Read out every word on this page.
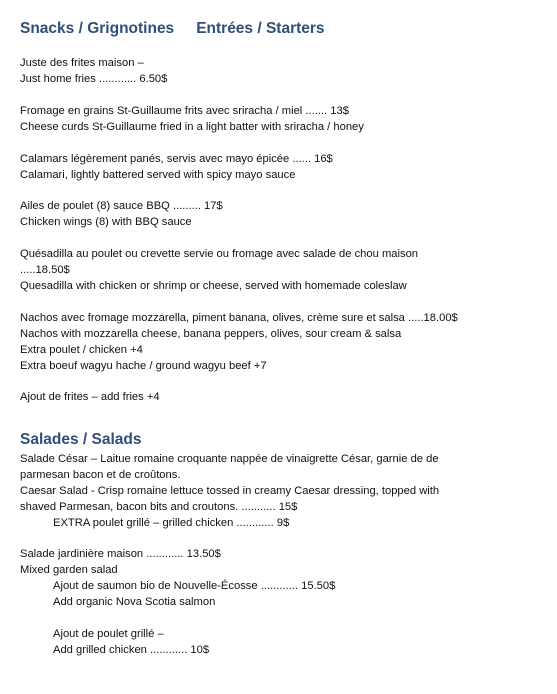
Snacks / Grignotines Entrées / Starters
Juste des frites maison –
Just home fries ............ 6.50$
Fromage en grains St-Guillaume frits avec sriracha / miel ....... 13$
Cheese curds St-Guillaume fried in a light batter with sriracha / honey
Calamars légèrement panés, servis avec mayo épicée ...... 16$
Calamari, lightly battered served with spicy mayo sauce
Ailes de poulet (8) sauce BBQ ......... 17$
Chicken wings (8) with BBQ sauce
Quésadilla au poulet ou crevette servie ou fromage avec salade de chou maison
.....18.50$
Quesadilla with chicken or shrimp or cheese, served with homemade coleslaw
Nachos avec fromage mozzarella, piment banana, olives, crème sure et salsa .....18.00$
Nachos with mozzarella cheese, banana peppers, olives, sour cream & salsa
Extra poulet / chicken +4
Extra boeuf wagyu hache / ground wagyu beef +7
Ajout de frites – add fries +4
Salades / Salads
Salade César – Laitue romaine croquante nappée de vinaigrette César, garnie de de
parmesan bacon et de croûtons.
Caesar Salad - Crisp romaine lettuce tossed in creamy Caesar dressing, topped with
shaved Parmesan, bacon bits and croutons. ........... 15$
EXTRA poulet grillé – grilled chicken ............ 9$
Salade jardinière maison ............ 13.50$
Mixed garden salad
Ajout de saumon bio de Nouvelle-Écosse ............ 15.50$
Add organic Nova Scotia salmon
Ajout de poulet grillé –
Add grilled chicken ............ 10$
